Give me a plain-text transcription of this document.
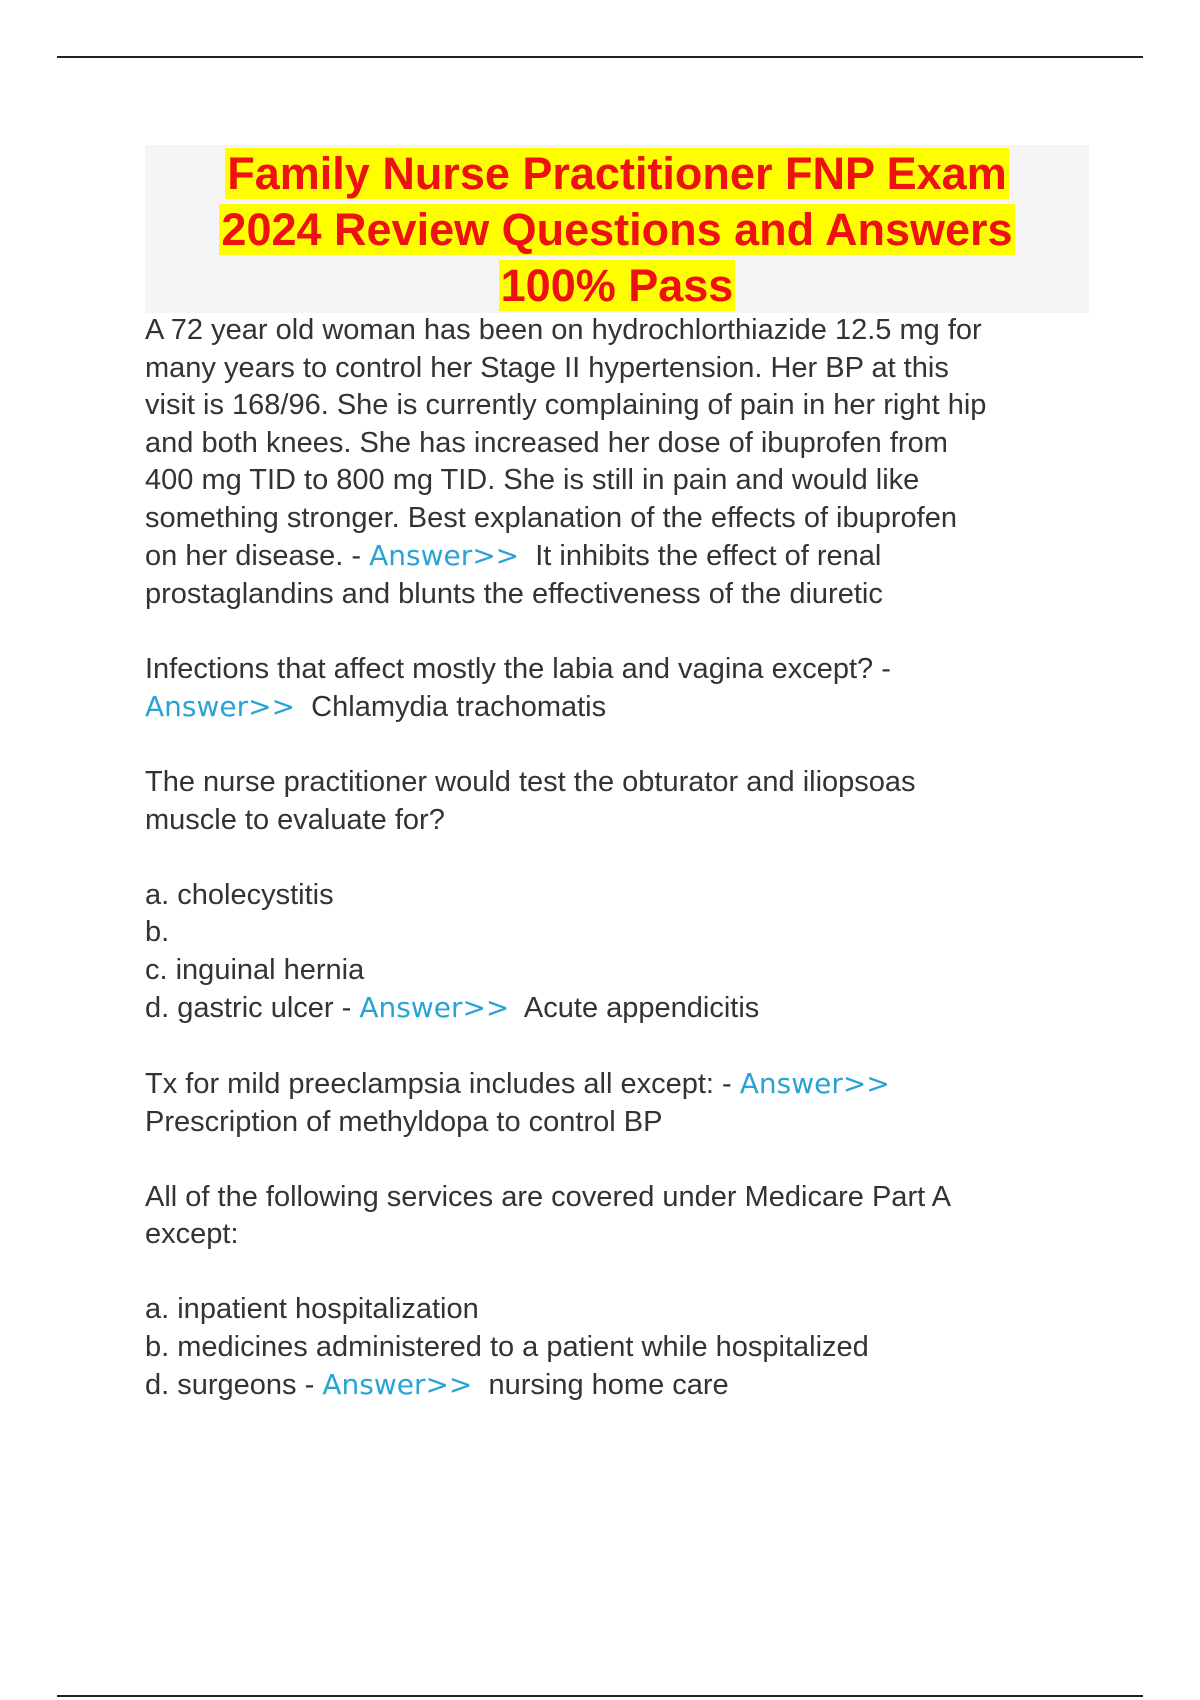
Family Nurse Practitioner FNP Exam
2024 Review Questions and Answers
100% Pass

A 72 year old woman has been on hydrochlorthiazide 12.5 mg for
many years to control her Stage II hypertension. Her BP at this
visit is 168/96. She is currently complaining of pain in her right hip
and both knees. She has increased her dose of ibuprofen from
400 mg TID to 800 mg TID. She is still in pain and would like
something stronger. Best explanation of the effects of ibuprofen
on her disease. - Answer>>  It inhibits the effect of renal
prostaglandins and blunts the effectiveness of the diuretic

Infections that affect mostly the labia and vagina except? -
Answer>>  Chlamydia trachomatis

The nurse practitioner would test the obturator and iliopsoas
muscle to evaluate for?

a. cholecystitis
b.
c. inguinal hernia
d. gastric ulcer - Answer>>  Acute appendicitis

Tx for mild preeclampsia includes all except: - Answer>>
Prescription of methyldopa to control BP

All of the following services are covered under Medicare Part A
except:

a. inpatient hospitalization
b. medicines administered to a patient while hospitalized
d. surgeons - Answer>>  nursing home care
